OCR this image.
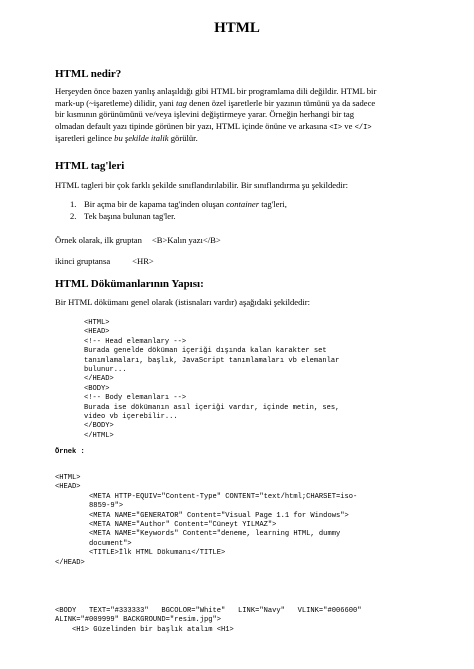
HTML
HTML nedir?
Herşeyden önce bazen yanlış anlaşıldığı gibi HTML bir programlama dili değildir. HTML bir
mark-up (~işaretleme) dilidir, yani tag denen özel işaretlerle bir yazının tümünü ya da sadece
bir kısmının görünümünü ve/veya işlevini değiştirmeye yarar. Örneğin herhangi bir tag
olmadan default yazı tipinde görünen bir yazı, HTML içinde önüne ve arkasına <I> ve </I>
işaretleri gelince bu şekilde italik görülür.
HTML tag'leri
HTML tagleri bir çok farklı şekilde sınıflandırılabilir. Bir sınıflandırma şu şekildedir:
1. Bir açma bir de kapama tag'inden oluşan container tag'leri,
2. Tek başına bulunan tag'ler.
Örnek olarak, ilk gruptan <B>Kalın yazı</B>
ikinci gruptansa	<HR>
HTML Dökümanlarının Yapısı:
Bir HTML dökümanı genel olarak (istisnaları vardır) aşağıdaki şekildedir:
<HTML>
<HEAD>
<!-- Head elemanlary -->
Burada genelde döküman içeriği dışında kalan karakter set
tanımlamaları, başlık, JavaScript tanımlamaları vb elemanlar
bulunur...
</HEAD>
<BODY>
<!-- Body elemanları -->
Burada ise dökümanın asıl içeriği vardır, içinde metin, ses,
video vb içerebilir...
</BODY>
</HTML>
Örnek :
<HTML>
<HEAD>
<META HTTP-EQUIV="Content-Type" CONTENT="text/html;CHARSET=iso-
8859-9">
<META NAME="GENERATOR" Content="Visual Page 1.1 for Windows">
<META NAME="Author" Content="Cüneyt YILMAZ">
<META NAME="Keywords" Content="deneme, learning HTML, dummy
document">
<TITLE>İlk HTML Dökumanı</TITLE>
</HEAD>
<BODY   TEXT="#333333"   BGCOLOR="White"   LINK="Navy"   VLINK="#006600"
ALINK="#009999" BACKGROUND="resim.jpg">
<H1> Güzelinden bir başlık atalım <H1>
